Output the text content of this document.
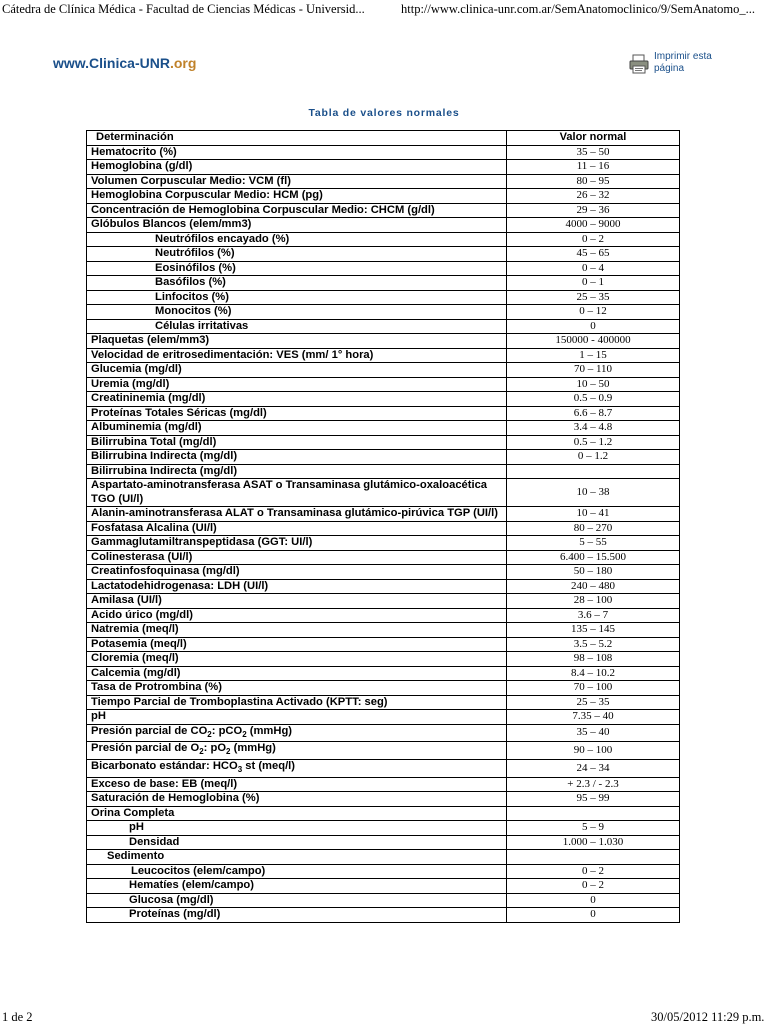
Cátedra de Clínica Médica - Facultad de Ciencias Médicas - Universid...	http://www.clinica-unr.com.ar/SemAnatomoclinico/9/SemAnatomo_...
www.Clinica-UNR.org	Imprimir esta
página
Tabla de valores normales
Determinación	Valor normal
Hematocrito (%)	35 – 50
Hemoglobina (g/dl)	11 – 16
Volumen Corpuscular Medio: VCM (fl)	80 – 95
Hemoglobina Corpuscular Medio: HCM (pg)	26 – 32
Concentración de Hemoglobina Corpuscular Medio: CHCM (g/dl)	29 – 36
Glóbulos Blancos (elem/mm3)	4000 – 9000
Neutrófilos encayado (%)	0 – 2
Neutrófilos (%)	45 – 65
Eosinófilos (%)	0 – 4
Basófilos (%)	0 – 1
Linfocitos (%)	25 – 35
Monocitos (%)	0 – 12
Células irritativas	0
Plaquetas (elem/mm3)	150000 - 400000
Velocidad de eritrosedimentación: VES (mm/ 1° hora)	1 – 15
Glucemia (mg/dl)	70 – 110
Uremia (mg/dl)	10 – 50
Creatininemia (mg/dl)	0.5 – 0.9
Proteínas Totales Séricas (mg/dl)	6.6 – 8.7
Albuminemia (mg/dl)	3.4 – 4.8
Bilirrubina Total (mg/dl)	0.5 – 1.2
Bilirrubina Indirecta (mg/dl)	0 – 1.2
Bilirrubina Indirecta (mg/dl)	
Aspartato-aminotransferasa ASAT o Transaminasa glutámico-oxaloacética TGO (UI/l)	10 – 38
Alanin-aminotransferasa ALAT o Transaminasa glutámico-pirúvica TGP (UI/l)	10 – 41
Fosfatasa Alcalina (UI/l)	80 – 270
Gammaglutamiltranspeptidasa (GGT: UI/l)	5 – 55
Colinesterasa (UI/l)	6.400 – 15.500
Creatinfosfoquinasa (mg/dl)	50 – 180
Lactatodehidrogenasa: LDH (UI/l)	240 – 480
Amilasa (UI/l)	28 – 100
Acido úrico (mg/dl)	3.6 – 7
Natremia (meq/l)	135 – 145
Potasemia (meq/l)	3.5 – 5.2
Cloremia (meq/l)	98 – 108
Calcemia (mg/dl)	8.4 – 10.2
Tasa de Protrombina (%)	70 – 100
Tiempo Parcial de Tromboplastina Activado (KPTT: seg)	25 – 35
pH	7.35 – 40
Presión parcial de $CO_2$: pCO$_2$ (mmHg)	35 – 40
Presión parcial de $O_2$: $pO_2$ (mmHg)	90 – 100
Bicarbonato estándar: $HCO_3$ st (meq/l)	24 – 34
Exceso de base: EB (meq/l)	+ 2.3 / - 2.3
Saturación de Hemoglobina (%)	95 – 99
Orina Completa	
pH	5 – 9
Densidad	1.000 – 1.030
Sedimento	
Leucocitos (elem/campo)	0 – 2
Hematíes (elem/campo)	0 – 2
Glucosa (mg/dl)	0
Proteínas (mg/dl)	0
1 de 2	30/05/2012 11:29 p.m.
